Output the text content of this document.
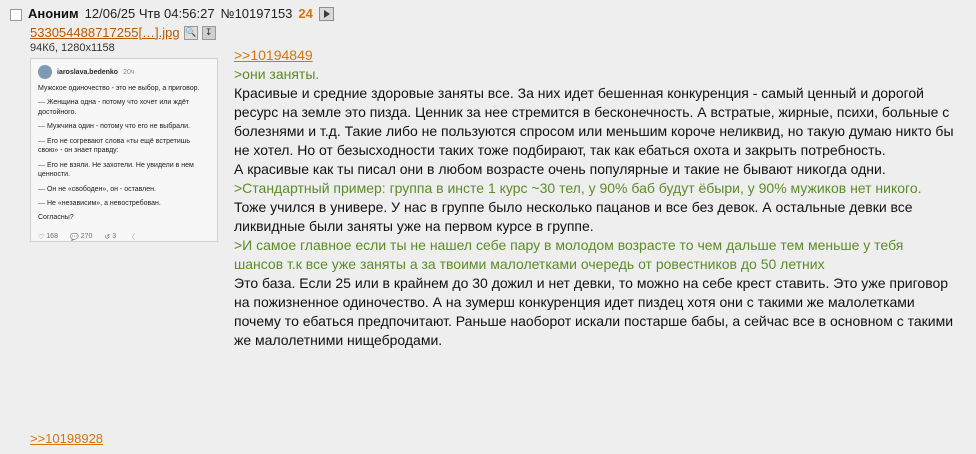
Аноним 12/06/25 Чтв 04:56:27 №10197153 24
533054488717255[…].jpg 🔍 ↧
94Кб, 1280x1158
iaroslava.bedenko 20ч
Мужское одиночество - это не выбор, а приговор.
— Женщина одна - потому что хочет или ждёт достойного.
— Мужчина один - потому что его не выбрали.
— Его не согревают слова «ты ещё встретишь свою» - он знает правду:
— Его не взяли. Не захотели. Не увидели в нем ценности.
— Он не «свободен», он - оставлен.
— Не «независим», а невостребован.
Согласны?
♡ 168 💬 270 ↺ 3 〈
>>10194849
>они заняты.

Красивые и средние здоровые заняты все. За них идет бешенная конкуренция - самый ценный и дорогой ресурс на земле это пизда. Ценник за нее стремится в бесконечность. А встратые, жирные, психи, больные с болезнями и т.д. Такие либо не пользуются спросом или меньшим короче неликвид, но такую думаю никто бы не хотел. Но от безысходности таких тоже подбирают, так как ебаться охота и закрыть потребность.

А красивые как ты писал они в любом возрасте очень популярные и такие не бывают никогда одни.

>Стандартный пример: группа в инсте 1 курс ~30 тел, у 90% баб будут ёбыри, у 90% мужиков нет никого.

Тоже учился в универе. У нас в группе было несколько пацанов и все без девок. А остальные девки все ликвидные были заняты уже на первом курсе в группе.

>И самое главное если ты не нашел себе пару в молодом возрасте то чем дальше тем меньше у тебя шансов т.к все уже заняты а за твоими малолетками очередь от ровестников до 50 летних

Это база. Если 25 или в крайнем до 30 дожил и нет девки, то можно на себе крест ставить. Это уже приговор на пожизненное одиночество. А на зумерш конкуренция идет пиздец хотя они с такими же малолетками почему то ебаться предпочитают. Раньше наоборот искали постарше бабы, а сейчас все в основном с такими же малолетними нищебродами.

>>10198928
